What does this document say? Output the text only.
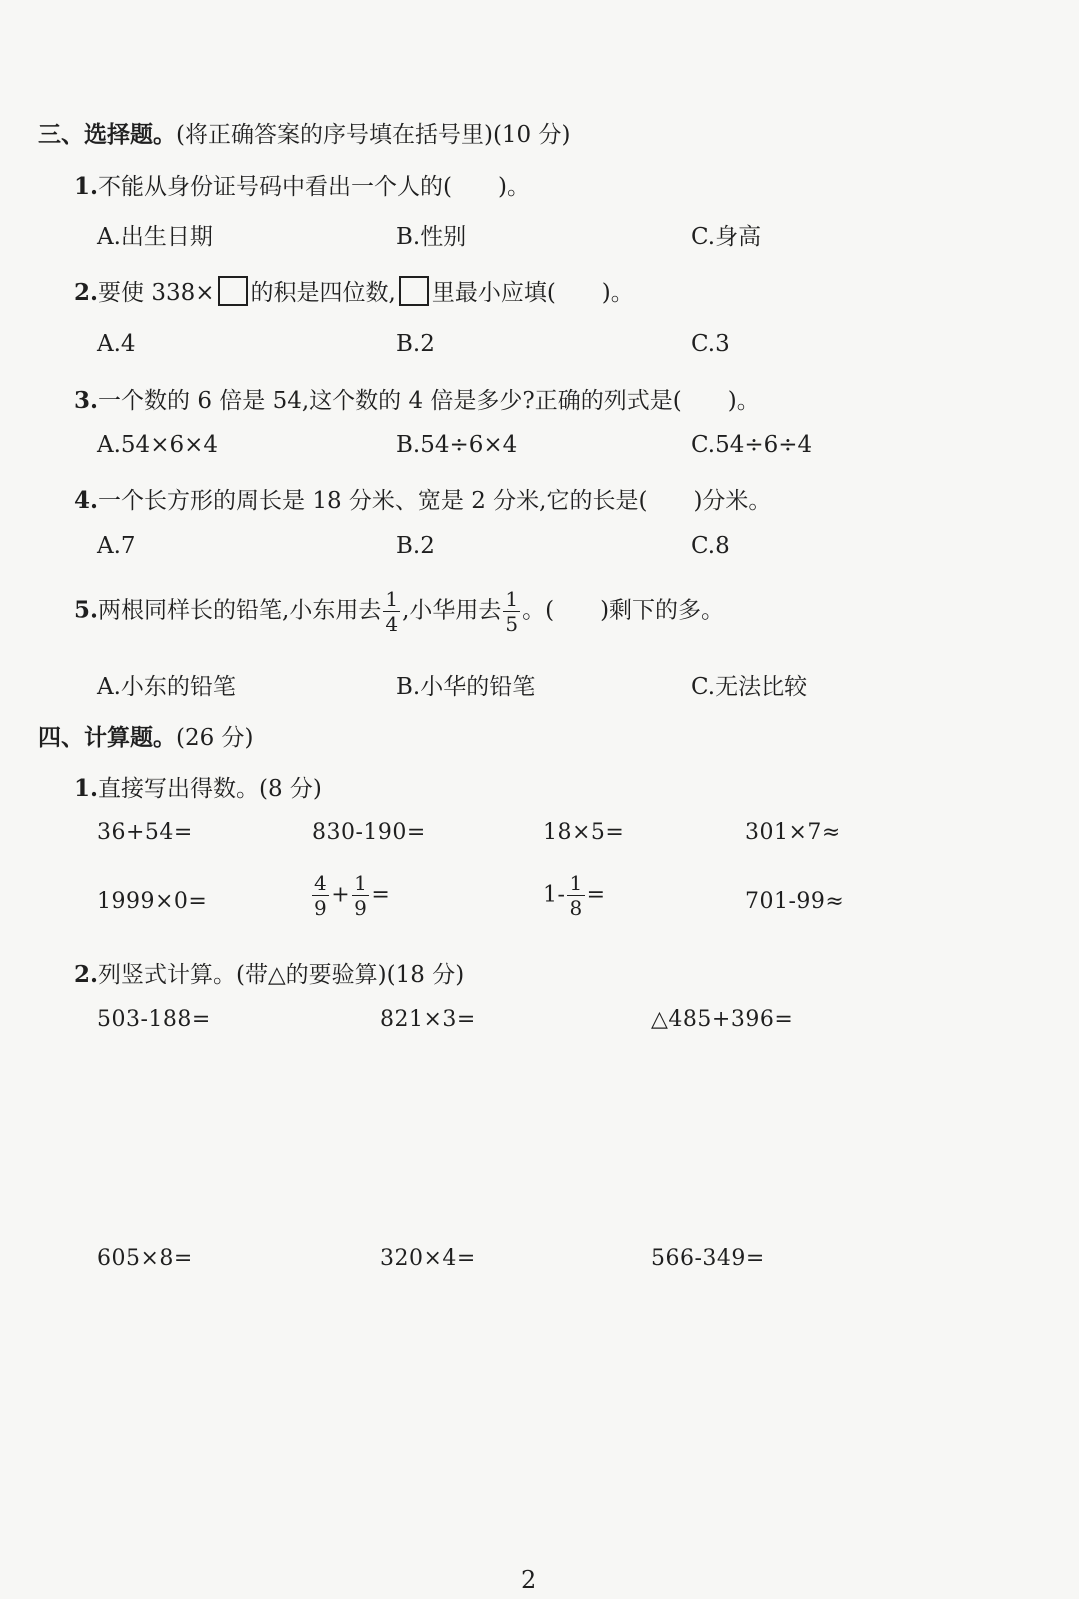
三、选择题。(将正确答案的序号填在括号里)(10 分)
1.不能从身份证号码中看出一个人的(　　)。
A.出生日期	B.性别	C.身高
2.要使 338× 的积是四位数, 里最小应填(　　)。
A.4	B.2	C.3
3.一个数的 6 倍是 54,这个数的 4 倍是多少?正确的列式是(　　)。
A.54×6×4	B.54÷6×4	C.54÷6÷4
4.一个长方形的周长是 18 分米、宽是 2 分米,它的长是(　　)分米。
A.7	B.2	C.8
5.两根同样长的铅笔,小东用去 $\frac{1}{4}$ ,小华用去 $\frac{1}{5}$ 。(　　)剩下的多。
A.小东的铅笔	B.小华的铅笔	C.无法比较
四、计算题。(26 分)
1.直接写出得数。(8 分)
36+54=	830-190=	18×5=	301×7≈
1999×0=	$\frac{4}{9} + \frac{1}{9}$ =	$1- \frac{1}{8}$ =	701-99≈
2.列竖式计算。(带△的要验算)(18 分)
503-188=	821×3=	△485+396=
605×8=	320×4=	566-349=
2
